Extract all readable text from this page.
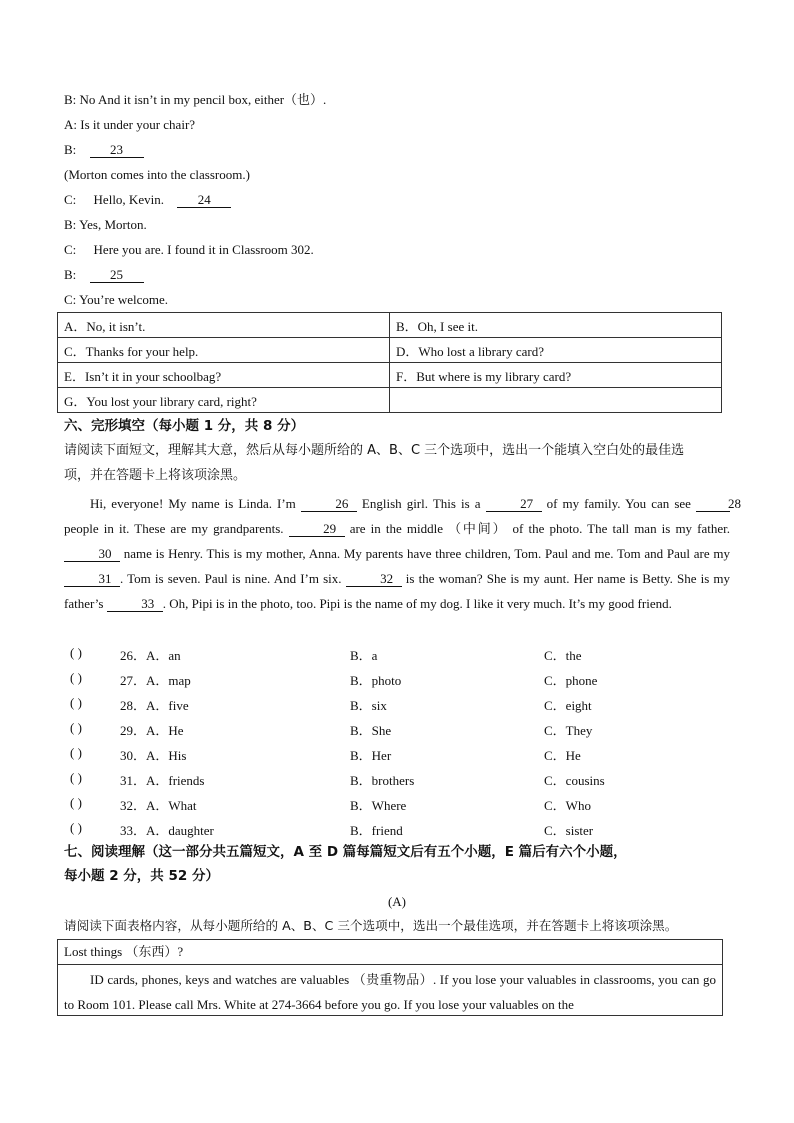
B: No And it isn’t in my pencil box, either（也）.
A: Is it under your chair?
B:	23
(Morton comes into the classroom.)
C: Hello, Kevin.	24
B: Yes, Morton.
C: Here you are. I found it in Classroom 302.
B:	25
C: You’re welcome.
A．No, it isn’t.	B．Oh, I see it.
C．Thanks for your help.	D．Who lost a library card?
E．Isn’t it in your schoolbag?	F．But where is my library card?
G．You lost your library card, right?	
六、完形填空（每小题 1 分，共 8 分）
请阅读下面短文，理解其大意，然后从每小题所给的 A、B、C 三个选项中，选出一个能填入空白处的最佳选
项，并在答题卡上将该项涂黑。
Hi, everyone! My name is Linda. I’m	26 English girl. This is a	27 of my family. You can see 28 people in it. These are my grandparents.	29 are in the middle （中间） of the photo. The tall man is my father. 30 name is Henry. This is my mother, Anna. My parents have three children, Tom. Paul and me. Tom and Paul are my 31 . Tom is seven. Paul is nine. And I’m six.	32 is the woman? She is my aunt. Her name is Betty. She is my father’s	33 . Oh, Pipi is in the photo, too. Pipi is the name of my dog. I like it very much. It’s my good friend.
( )	26．A．an	B．a	C．the
( )	27．A．map	B．photo	C．phone
( )	28．A．five	B．six	C．eight
( )	29．A．He	B．She	C．They
( )	30．A．His	B．Her	C．He
( )	31．A．friends	B．brothers	C．cousins
( )	32．A．What	B．Where	C．Who
( )	33．A．daughter	B．friend	C．sister
七、阅读理解（这一部分共五篇短文，A 至 D 篇每篇短文后有五个小题，E 篇后有六个小题，
每小题 2 分，共 52 分）
(A)
请阅读下面表格内容，从每小题所给的 A、B、C 三个选项中，选出一个最佳选项，并在答题卡上将该项涂黑。
Lost things （东西）?
ID cards, phones, keys and watches are valuables （贵重物品）. If you lose your valuables in classrooms, you can go to Room 101. Please call Mrs. White at 274-3664 before you go. If you lose your valuables on the
